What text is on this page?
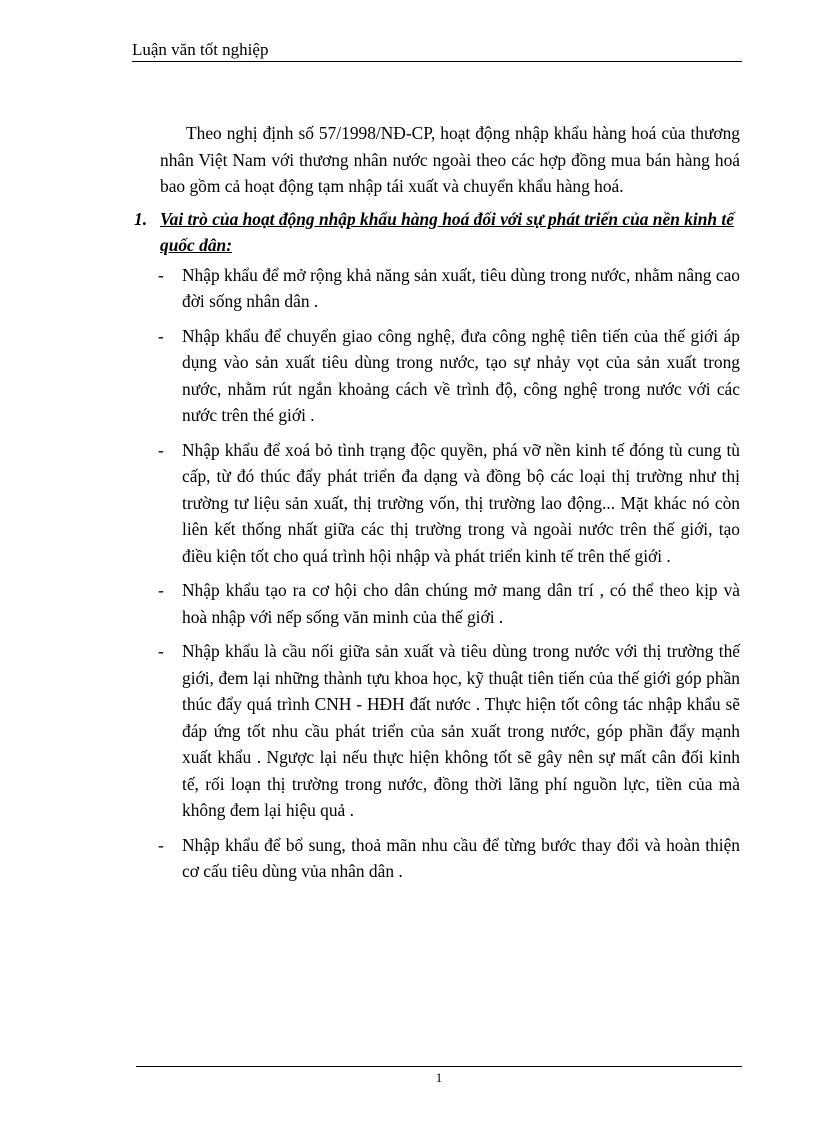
Luận văn tốt nghiệp

Theo nghị định số 57/1998/NĐ-CP, hoạt động nhập khẩu hàng hoá của thương nhân Việt Nam với thương nhân nước ngoài theo các hợp đồng mua bán hàng hoá bao gồm cả hoạt động tạm nhập tái xuất và chuyển khẩu hàng hoá.

1. Vai trò của hoạt động nhập khẩu hàng hoá đối với sự phát triển của nền kinh tế quốc dân:
- Nhập khẩu để mở rộng khả năng sản xuất, tiêu dùng trong nước, nhằm nâng cao đời sống nhân dân .
- Nhập khẩu để chuyển giao công nghệ, đưa công nghệ tiên tiến của thế giới áp dụng vào sản xuất tiêu dùng trong nước, tạo sự nhảy vọt của sản xuất trong nước, nhằm rút ngắn khoảng cách về trình độ, công nghệ trong nước với các nước trên thé giới .
- Nhập khẩu để xoá bỏ tình trạng độc quyền, phá vỡ nền kinh tế đóng tù cung tù cấp, từ đó thúc đẩy phát triển đa dạng và đồng bộ các loại thị trường như thị trường tư liệu sản xuất, thị trường vốn, thị trường lao động... Mặt khác nó còn liên kết thống nhất giữa các thị trường trong và ngoài nước trên thế giới, tạo điều kiện tốt cho quá trình hội nhập và phát triển kinh tế trên thế giới .
- Nhập khẩu tạo ra cơ hội cho dân chúng mở mang dân trí , có thể theo kịp và hoà nhập với nếp sống văn minh của thế giới .
- Nhập khẩu là cầu nối giữa sản xuất và tiêu dùng trong nước với thị trường thế giới, đem lại những thành tựu khoa học, kỹ thuật tiên tiến của thế giới góp phần thúc đẩy quá trình CNH - HĐH đất nước . Thực hiện tốt công tác nhập khẩu sẽ đáp ứng tốt nhu cầu phát triển của sản xuất trong nước, góp phần đẩy mạnh xuất khẩu . Ngược lại nếu thực hiện không tốt sẽ gây nên sự mất cân đối kinh tế, rối loạn thị trường trong nước, đồng thời lãng phí nguồn lực, tiền của mà không đem lại hiệu quả .
- Nhập khẩu để bổ sung, thoả mãn nhu cầu để từng bước thay đổi và hoàn thiện cơ cấu tiêu dùng vủa nhân dân .
1
